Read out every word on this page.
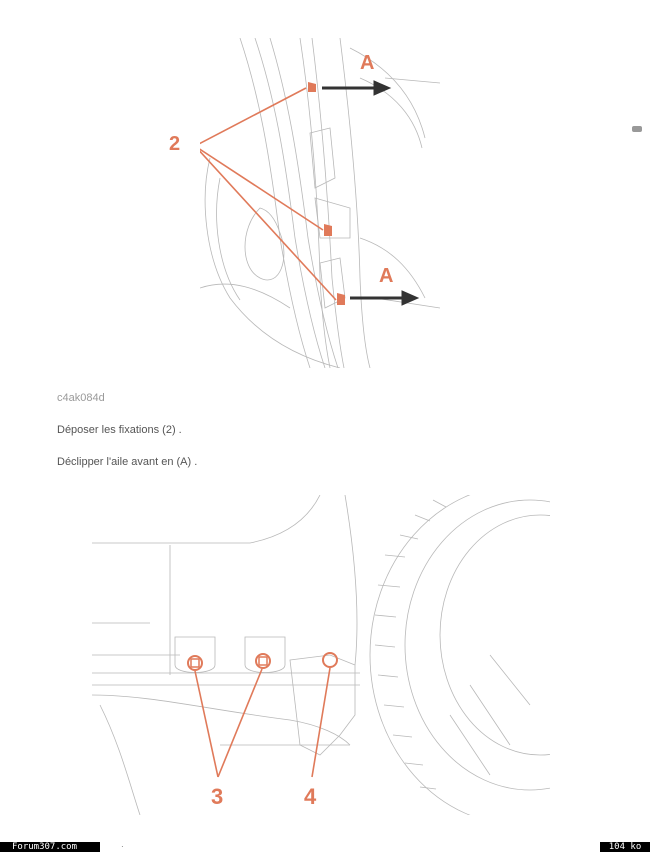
A
A
2
c4ak084d
Déposer les fixations (2) .
Déclipper l'aile avant en (A) .
3	4
Forum307.com	·	104 ko
